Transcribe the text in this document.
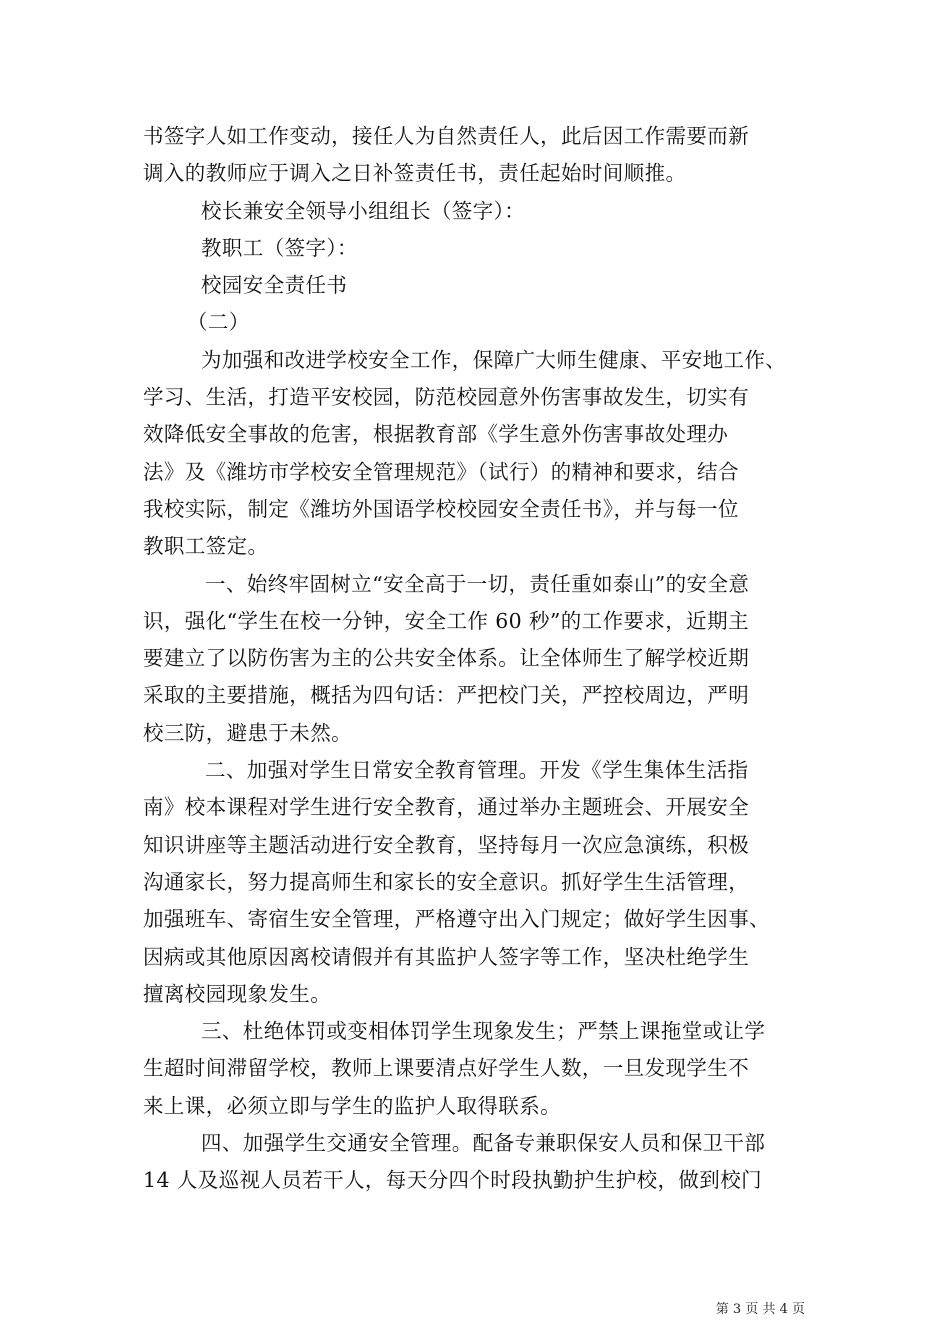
书签字人如工作变动，接任人为自然责任人，此后因工作需要而新
调入的教师应于调入之日补签责任书，责任起始时间顺推。
校长兼安全领导小组组长（签字）：
教职工（签字）：
校园安全责任书
（二）
为加强和改进学校安全工作，保障广大师生健康、平安地工作、
学习、生活，打造平安校园，防范校园意外伤害事故发生，切实有
效降低安全事故的危害，根据教育部《学生意外伤害事故处理办
法》及《潍坊市学校安全管理规范》（试行）的精神和要求，结合
我校实际，制定《潍坊外国语学校校园安全责任书》，并与每一位
教职工签定。
一、始终牢固树立“安全高于一切，责任重如泰山”的安全意
识，强化“学生在校一分钟，安全工作 60 秒”的工作要求，近期主
要建立了以防伤害为主的公共安全体系。让全体师生了解学校近期
采取的主要措施，概括为四句话：严把校门关，严控校周边，严明
校三防，避患于未然。
二、加强对学生日常安全教育管理。开发《学生集体生活指
南》校本课程对学生进行安全教育，通过举办主题班会、开展安全
知识讲座等主题活动进行安全教育，坚持每月一次应急演练，积极
沟通家长，努力提高师生和家长的安全意识。抓好学生生活管理，
加强班车、寄宿生安全管理，严格遵守出入门规定；做好学生因事、
因病或其他原因离校请假并有其监护人签字等工作，坚决杜绝学生
擅离校园现象发生。
三、杜绝体罚或变相体罚学生现象发生；严禁上课拖堂或让学
生超时间滞留学校，教师上课要清点好学生人数，一旦发现学生不
来上课，必须立即与学生的监护人取得联系。
四、加强学生交通安全管理。配备专兼职保安人员和保卫干部
14 人及巡视人员若干人，每天分四个时段执勤护生护校，做到校门
第 3 页 共 4 页
